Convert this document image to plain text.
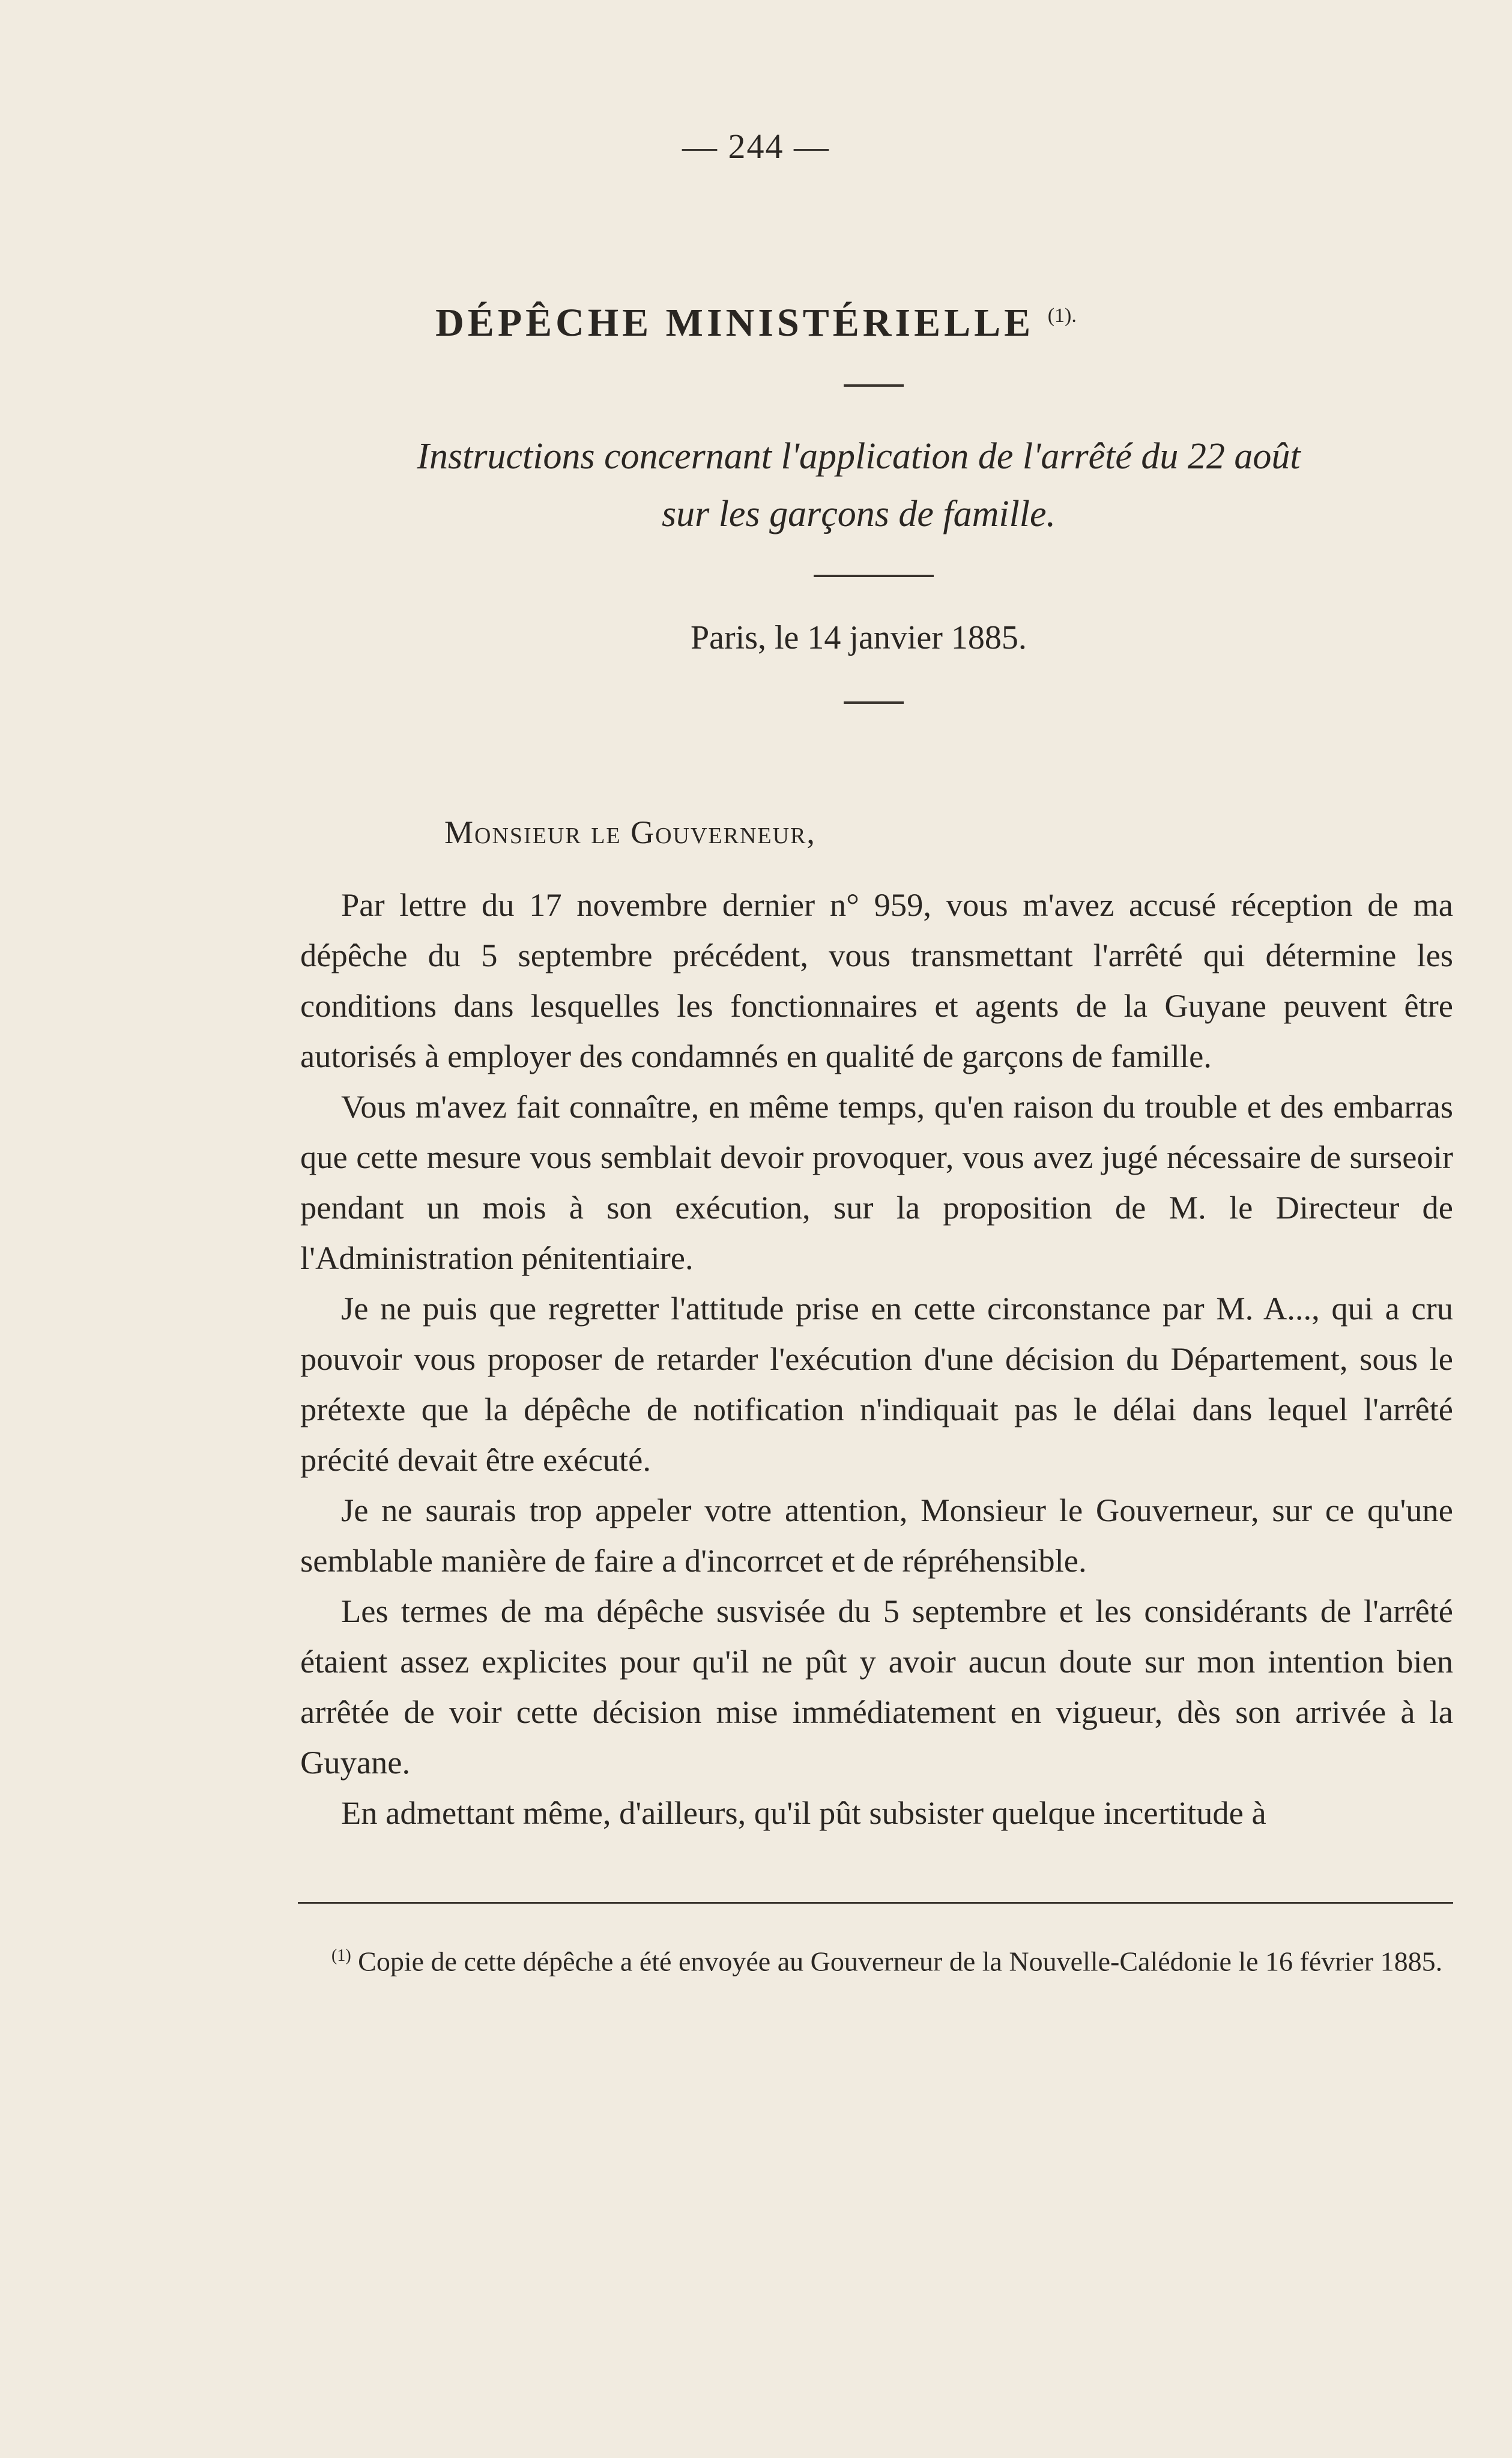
— 244 —
DÉPÊCHE MINISTÉRIELLE $^{(1).}$
Instructions concernant l'application de l'arrêté du 22 août
sur les garçons de famille.
Paris, le 14 janvier 1885.
Monsieur le Gouverneur,

Par lettre du 17 novembre dernier n° 959, vous m'avez accusé réception de ma dépêche du 5 septembre précédent, vous transmettant l'arrêté qui détermine les conditions dans lesquelles les fonctionnaires et agents de la Guyane peuvent être autorisés à employer des condamnés en qualité de garçons de famille.

Vous m'avez fait connaître, en même temps, qu'en raison du trouble et des embarras que cette mesure vous semblait devoir provoquer, vous avez jugé nécessaire de surseoir pendant un mois à son exécution, sur la proposition de M. le Directeur de l'Administration pénitentiaire.

Je ne puis que regretter l'attitude prise en cette circonstance par M. A..., qui a cru pouvoir vous proposer de retarder l'exécution d'une décision du Département, sous le prétexte que la dépêche de notification n'indiquait pas le délai dans lequel l'arrêté précité devait être exécuté.

Je ne saurais trop appeler votre attention, Monsieur le Gouverneur, sur ce qu'une semblable manière de faire a d'incorrcet et de répréhensible.

Les termes de ma dépêche susvisée du 5 septembre et les considérants de l'arrêté étaient assez explicites pour qu'il ne pût y avoir aucun doute sur mon intention bien arrêtée de voir cette décision mise immédiatement en vigueur, dès son arrivée à la Guyane.

En admettant même, d'ailleurs, qu'il pût subsister quelque incertitude à

$^{(1)}$ Copie de cette dépêche a été envoyée au Gouverneur de la Nouvelle-Calédonie le 16 février 1885.
